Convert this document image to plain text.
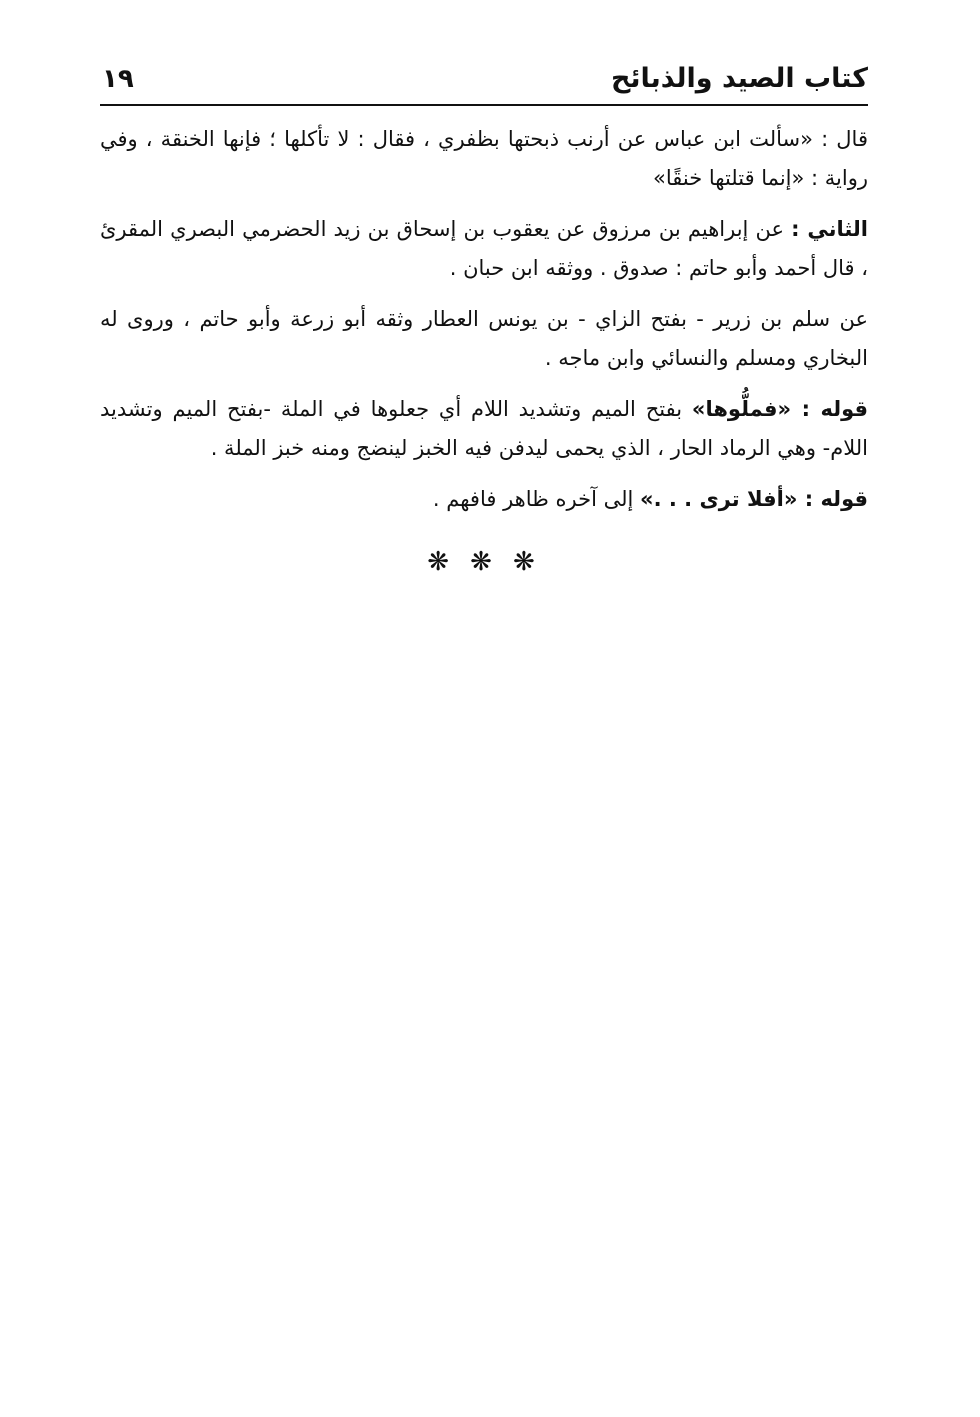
كتاب الصيد والذبائح
١٩

قال : «سألت ابن عباس عن أرنب ذبحتها بظفري ، فقال : لا تأكلها ؛ فإنها الخنقة ، وفي رواية : «إنما قتلتها خنقًا»

الثاني : عن إبراهيم بن مرزوق عن يعقوب بن إسحاق بن زيد الحضرمي البصري المقرئ ، قال أحمد وأبو حاتم : صدوق . ووثقه ابن حبان .

عن سلم بن زرير - بفتح الزاي - بن يونس العطار وثقه أبو زرعة وأبو حاتم ، وروى له البخاري ومسلم والنسائي وابن ماجه .

قوله : «فملُّوها» بفتح الميم وتشديد اللام أي جعلوها في الملة -بفتح الميم وتشديد اللام- وهي الرماد الحار ، الذي يحمى ليدفن فيه الخبز لينضج ومنه خبز الملة .

قوله : «أفلا ترى . . .» إلى آخره ظاهر فافهم .

❋ ❋ ❋
